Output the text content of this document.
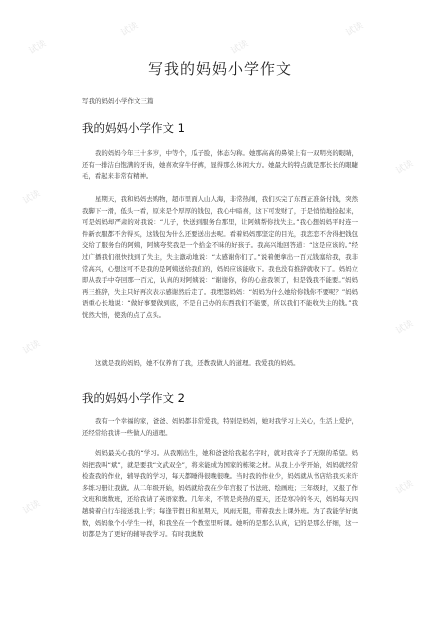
试读
试读
试读
试读
试读
试读
试读
试读
试读
试读
写我的妈妈小学作文
写我的妈妈小学作文三篇
我的妈妈小学作文 1

我的妈妈今年三十多岁，中等个，瓜子脸，体态匀称。她那高高的鼻梁上有一双明亮的眼睛，还有一排洁白饱满的牙齿，她喜欢穿牛仔裤，显得那么休闲大方。她最大的特点就是那长长的眼睫毛，看起来非常有精神。

星期天，我和妈妈去购物，超市里面人山人海，非常热闹，我们买完了东西正准备付钱，突然我脚下一滑，低头一看，原来是个厚厚的钱包，我心中暗喜，这下可发财了，于是悄悄地捡起来，可是妈妈却严肃的对我说：“儿子，快送到服务台那里，让阿姨帮你找失主。”我心想妈妈平时连一件新衣服都不舍得买，这钱包为什么还要送出去呢。看着妈妈那坚定的目光，我恋恋不舍得把钱包交给了服务台的阿姨，阿姨夸奖我是一个拾金不昧的好孩子。我高兴地回答道：“这是应该的。”经过广播我们很快找到了失主，失主激动地说：“太感谢你们了。”说着便拿出一百元钱塞给我，我非常高兴，心想这可不是我的是阿姨送给我们的，妈妈应该能收下。我也没有推辞就收下了。妈妈立即从我手中夺回那一百元，认真的对阿姨说：“谢谢你，你的心意我领了，但是钱我不能要。”妈妈再三推辞，失主只好再次表示感谢然后走了。我埋怨妈妈：“妈妈为什么她给你钱你不要呢？”妈妈语重心长地说：“做好事要做到底，不是自己办的东西我们不能要，所以我们不能收失主的钱。”我恍然大悟，使劲的点了点头。

这就是我的妈妈，她不仅养育了我，还教我做人的道理。我爱我的妈妈。

我的妈妈小学作文 2

我有一个幸福的家，爸爸、妈妈都非常爱我，特别是妈妈，她对我学习上关心，生活上爱护，还经常给我讲一些做人的道理。

妈妈最关心我的“学习。从我刚出生，她和爸爸给我起名字时，就对我寄予了无限的希望。妈妈把我叫“斌”，就是要我“文武双全”，将来能成为国家的栋梁之材。从我上小学开始，妈妈就经常检查我的作业，辅导我的学习，每天都睡得很晚很晚。当时我的作业少，妈妈就从书店给我买来许多练习册让我做。从二年级开始，妈妈就给我在少年宫报了书法班、绘画班；三年级时，又报了作文班和奥数班，还给我请了英语家教。几年来，不管是炎热的夏天，还是寒冷的冬天，妈妈每天四趟骑着自行车接送我上学；每逢节假日和星期天，风雨无阻，带着我去上课外班。为了我能学好奥数，妈妈象个小学生一样，和我坐在一个教室里听课。她听的是那么认真，记的是那么仔细，这一切都是为了更好的辅导我学习。有时我奥数
